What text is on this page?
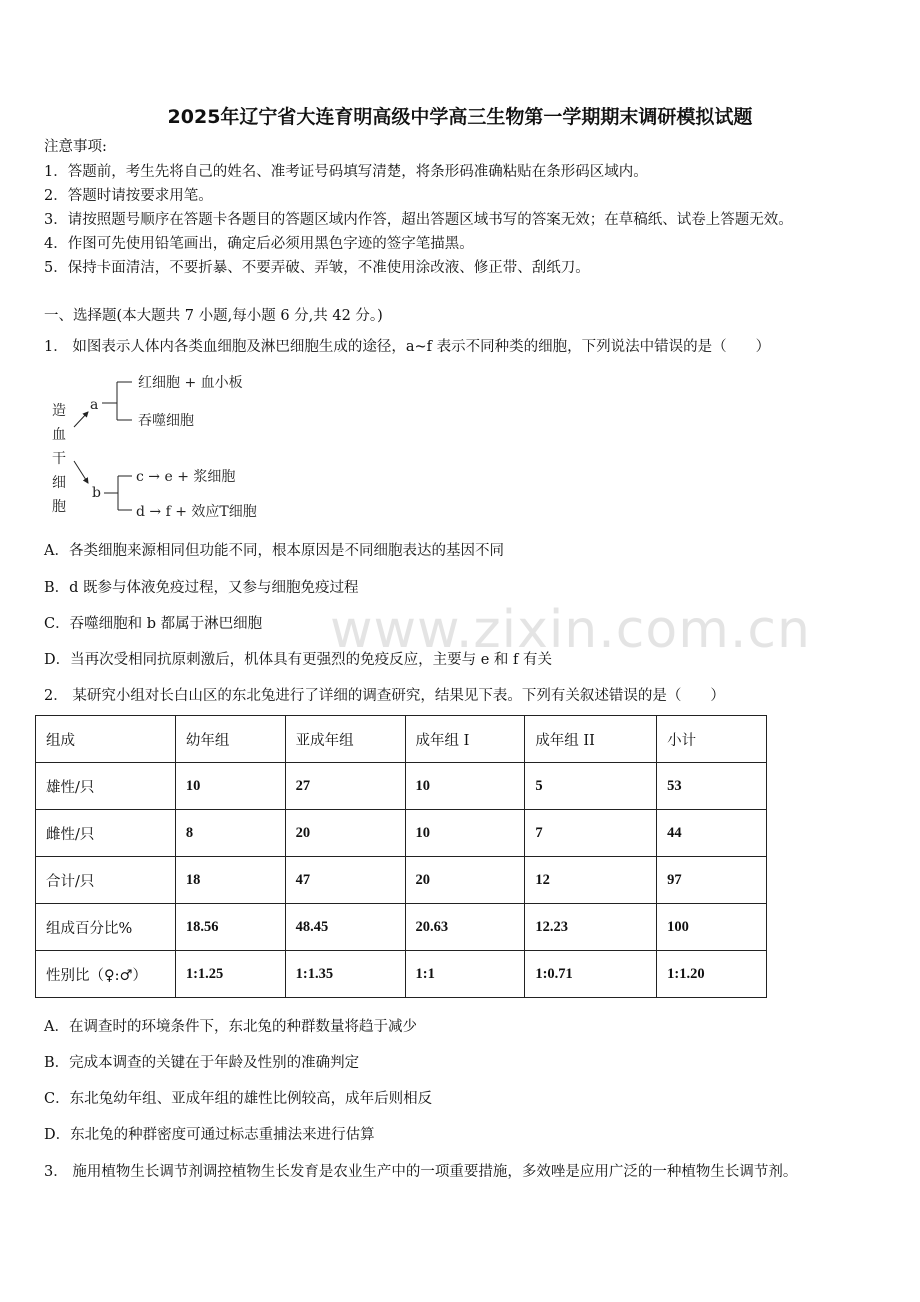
2025年辽宁省大连育明高级中学高三生物第一学期期末调研模拟试题
注意事项:
1．答题前，考生先将自己的姓名、准考证号码填写清楚，将条形码准确粘贴在条形码区域内。
2．答题时请按要求用笔。
3．请按照题号顺序在答题卡各题目的答题区域内作答，超出答题区域书写的答案无效；在草稿纸、试卷上答题无效。
4．作图可先使用铅笔画出，确定后必须用黑色字迹的签字笔描黑。
5．保持卡面清洁，不要折暴、不要弄破、弄皱，不准使用涂改液、修正带、刮纸刀。
一、选择题(本大题共 7 小题,每小题 6 分,共 42 分。)
1． 如图表示人体内各类血细胞及淋巴细胞生成的途径，a~f 表示不同种类的细胞，下列说法中错误的是（　　）
造
血
干
细
胞
a
b
红细胞 + 血小板
吞噬细胞
c → e + 浆细胞
d → f + 效应T细胞
A．各类细胞来源相同但功能不同，根本原因是不同细胞表达的基因不同
B．d 既参与体液免疫过程，又参与细胞免疫过程
C．吞噬细胞和 b 都属于淋巴细胞
D．当再次受相同抗原刺激后，机体具有更强烈的免疫反应，主要与 e 和 f 有关
www.zixin.com.cn
2． 某研究小组对长白山区的东北兔进行了详细的调查研究，结果见下表。下列有关叙述错误的是（　　）
组成	幼年组	亚成年组	成年组 I	成年组 II	小计
雄性/只	10	27	10	5	53
雌性/只	8	20	10	7	44
合计/只	18	47	20	12	97
组成百分比%	18.56	48.45	20.63	12.23	100
性别比（♀:♂）	1:1.25	1:1.35	1:1	1:0.71	1:1.20
A．在调查时的环境条件下，东北兔的种群数量将趋于减少
B．完成本调查的关键在于年龄及性别的准确判定
C．东北兔幼年组、亚成年组的雄性比例较高，成年后则相反
D．东北兔的种群密度可通过标志重捕法来进行估算
3． 施用植物生长调节剂调控植物生长发育是农业生产中的一项重要措施，多效唑是应用广泛的一种植物生长调节剂。
